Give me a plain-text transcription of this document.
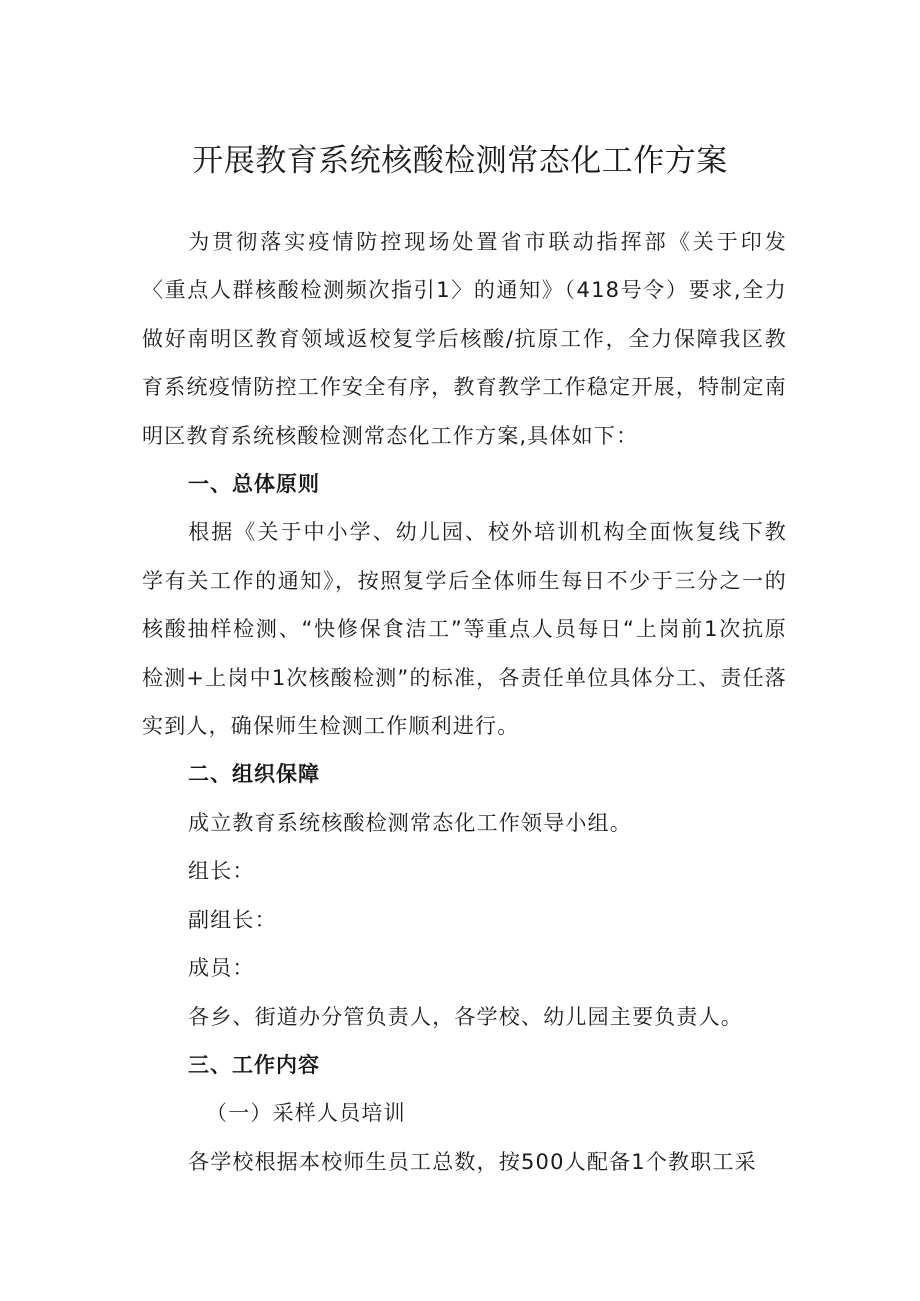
开展教育系统核酸检测常态化工作方案

为贯彻落实疫情防控现场处置省市联动指挥部《关于印发〈重点人群核酸检测频次指引1〉的通知》（418号令）要求,全力做好南明区教育领域返校复学后核酸/抗原工作，全力保障我区教育系统疫情防控工作安全有序，教育教学工作稳定开展，特制定南明区教育系统核酸检测常态化工作方案,具体如下：

一、总体原则

根据《关于中小学、幼儿园、校外培训机构全面恢复线下教学有关工作的通知》，按照复学后全体师生每日不少于三分之一的核酸抽样检测、“快修保食洁工”等重点人员每日“上岗前1次抗原检测+上岗中1次核酸检测”的标准，各责任单位具体分工、责任落实到人，确保师生检测工作顺利进行。

二、组织保障

成立教育系统核酸检测常态化工作领导小组。

组长：

副组长：

成员：

各乡、街道办分管负责人，各学校、幼儿园主要负责人。

三、工作内容

（一）采样人员培训

各学校根据本校师生员工总数，按500人配备1个教职工采
